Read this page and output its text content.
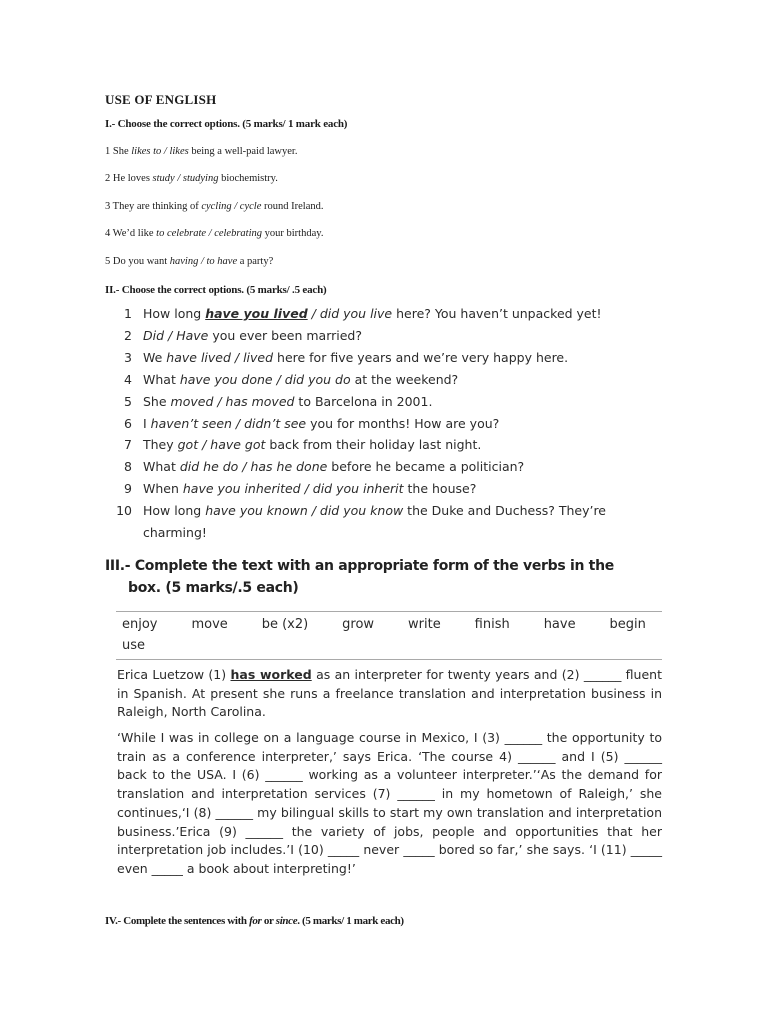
USE OF ENGLISH
I.- Choose the correct options. (5 marks/ 1 mark each)
1 She likes to / likes being a well-paid lawyer.
2 He loves study / studying biochemistry.
3 They are thinking of cycling / cycle round Ireland.
4 We’d like to celebrate / celebrating your birthday.
5 Do you want having / to have a party?
II.- Choose the correct options. (5 marks/ .5 each)
1 How long have you lived / did you live here? You haven’t unpacked yet!
2 Did / Have you ever been married?
3 We have lived / lived here for five years and we’re very happy here.
4 What have you done / did you do at the weekend?
5 She moved / has moved to Barcelona in 2001.
6 I haven’t seen / didn’t see you for months! How are you?
7 They got / have got back from their holiday last night.
8 What did he do / has he done before he became a politician?
9 When have you inherited / did you inherit the house?
10 How long have you known / did you know the Duke and Duchess? They’re
charming!
III.- Complete the text with an appropriate form of the verbs in the
box. (5 marks/.5 each)
enjoy	move	be (x2)	grow	write	finish	have	begin
use
Erica Luetzow (1) has worked as an interpreter for twenty years and (2) ______ fluent in Spanish. At present she runs a freelance translation and interpretation business in Raleigh, North Carolina.
‘While I was in college on a language course in Mexico, I (3) ______ the opportunity to train as a conference interpreter,’ says Erica. ‘The course 4) ______ and I (5) ______ back to the USA. I (6) ______ working as a volunteer interpreter.’‘As the demand for translation and interpretation services (7) ______ in my hometown of Raleigh,’ she continues,‘I (8) ______ my bilingual skills to start my own translation and interpretation business.’Erica (9) ______ the variety of jobs, people and opportunities that her interpretation job includes.’I (10) _____ never _____ bored so far,’ she says. ‘I (11) _____ even _____ a book about interpreting!’
IV.- Complete the sentences with for or since. (5 marks/ 1 mark each)
